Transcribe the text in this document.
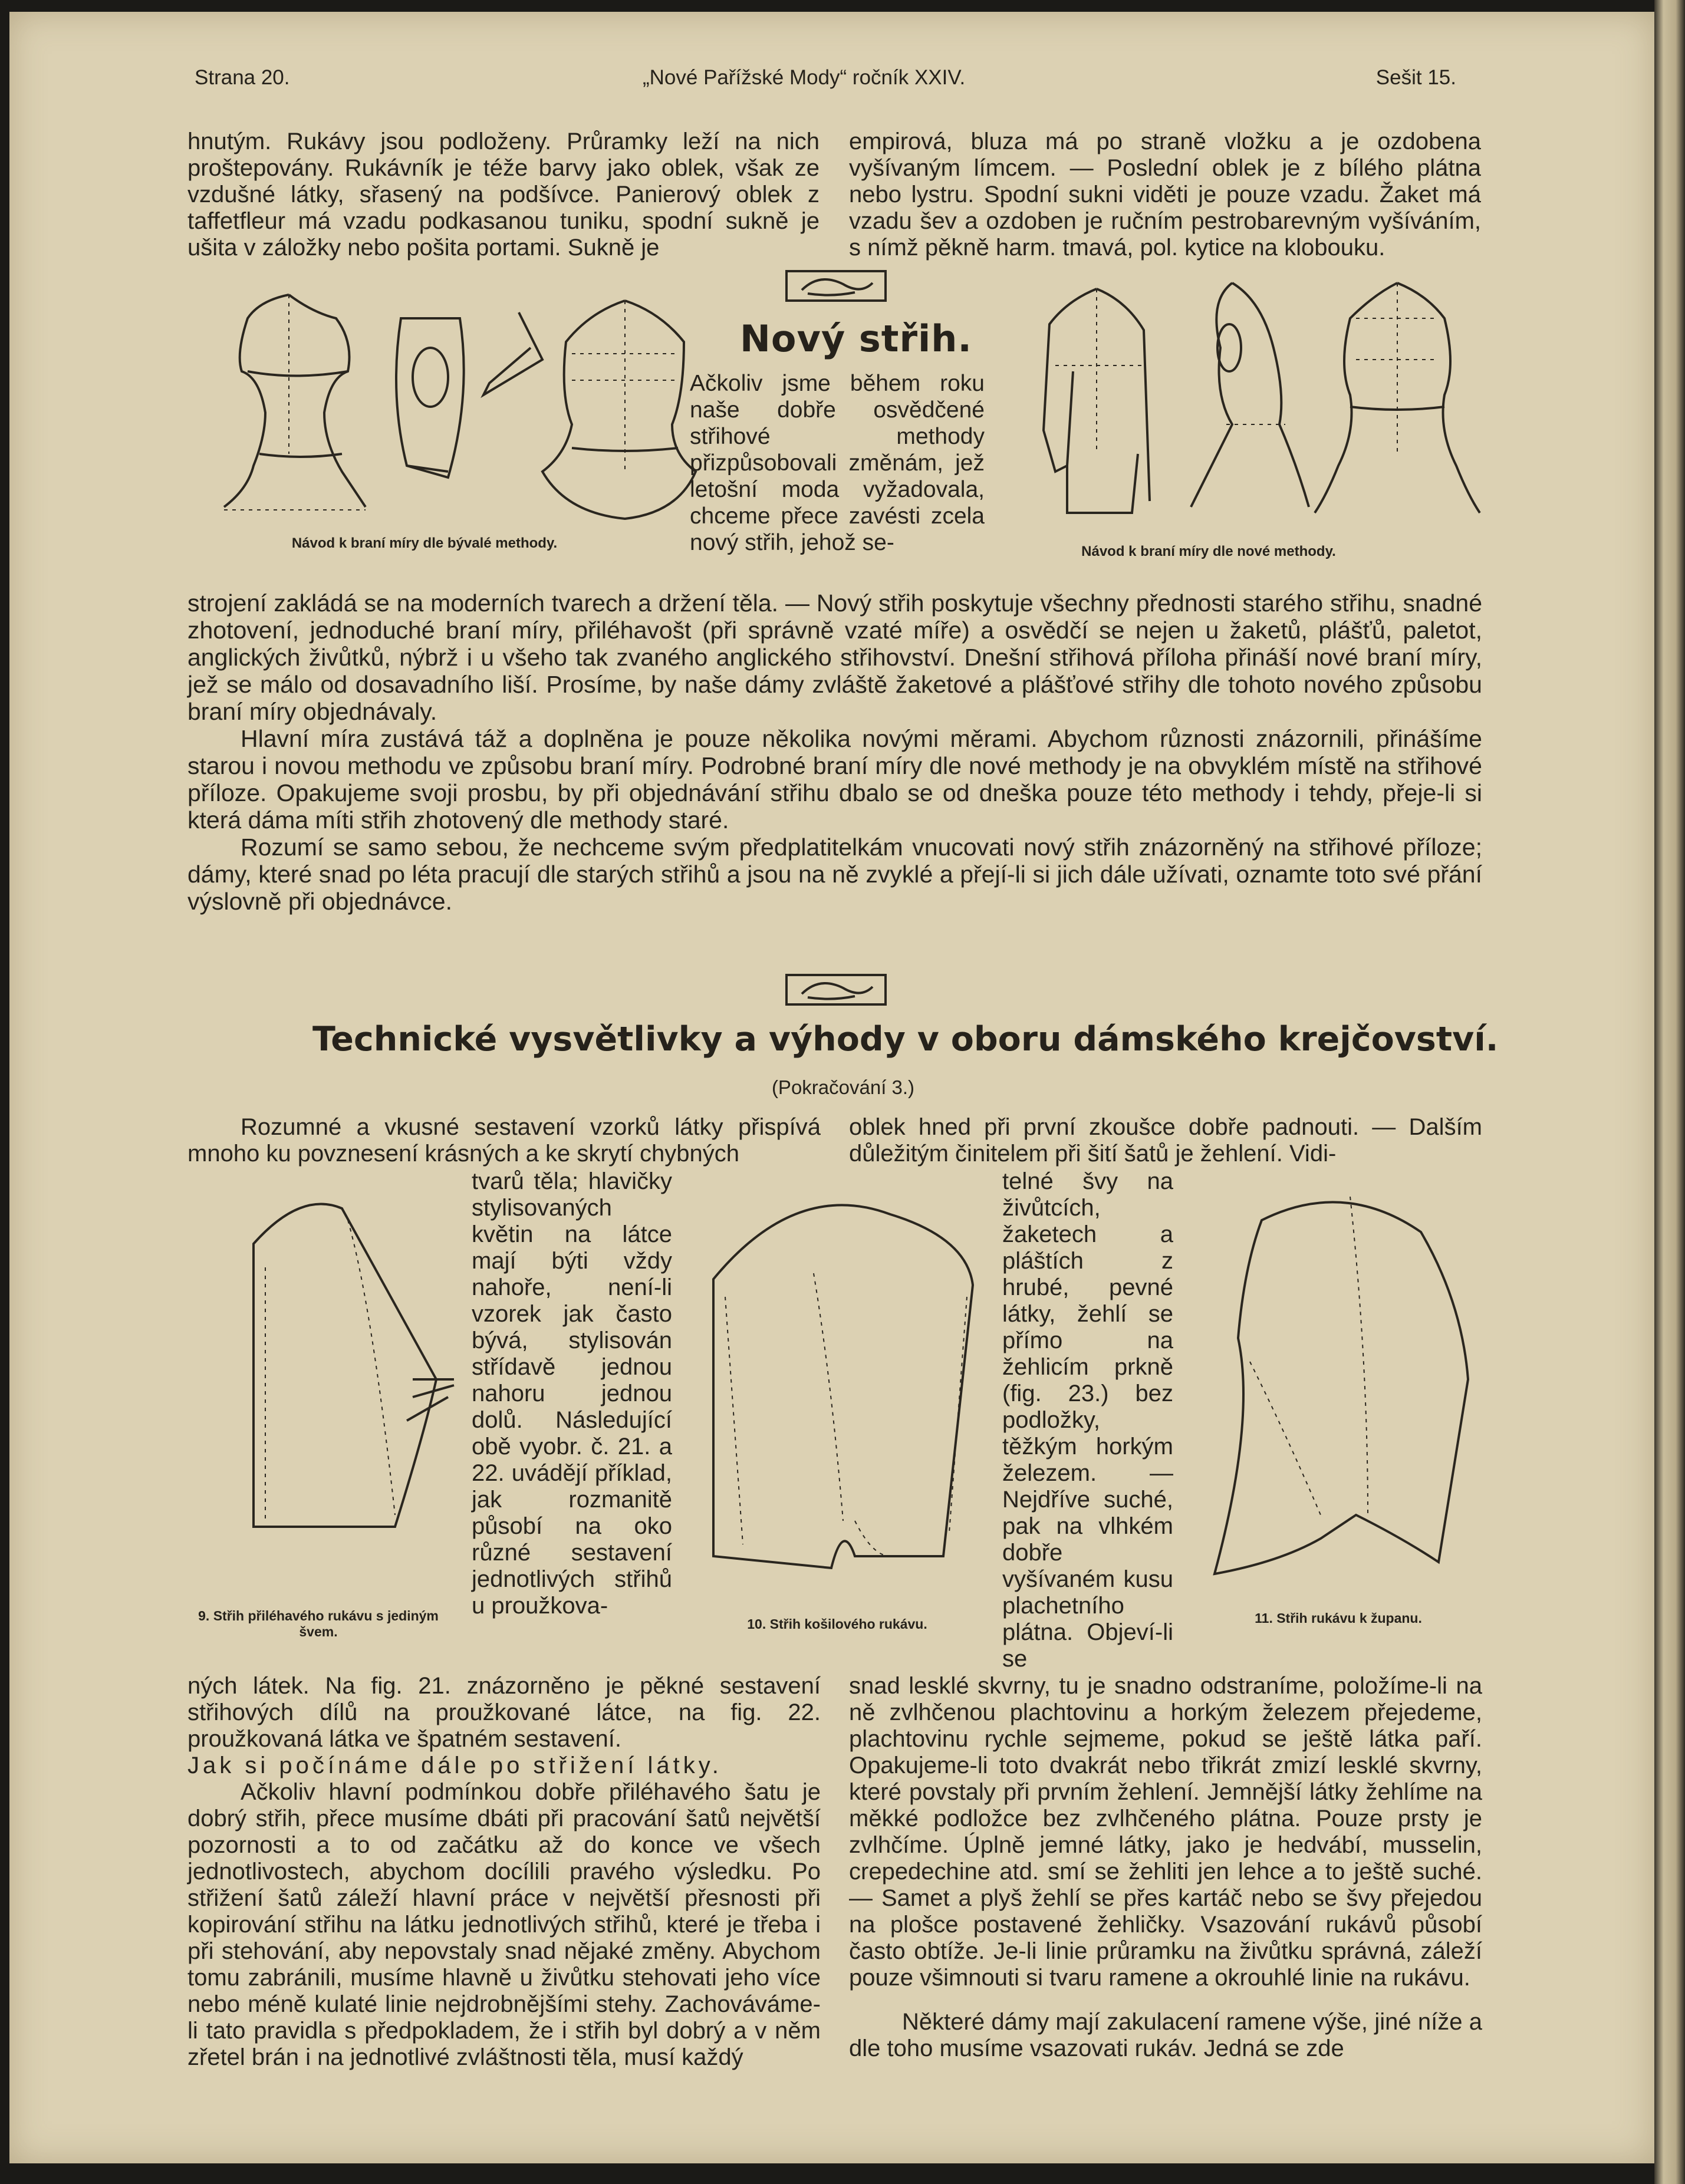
Strana 20.	„Nové Pařížské Mody“ ročník XXIV.	Sešit 15.

hnutým. Rukávy jsou podloženy. Průramky leží na nich proštepovány. Rukávník je téže barvy jako oblek, však ze vzdušné látky, sřasený na podšívce. Panierový oblek z taffetfleur má vzadu podkasanou tuniku, spodní sukně je ušita v záložky nebo pošita portami. Sukně je

empirová, bluza má po straně vložku a je ozdobena vyšívaným límcem. — Poslední oblek je z bílého plátna nebo lystru. Spodní sukni viděti je pouze vzadu. Žaket má vzadu šev a ozdoben je ručním pestrobarevným vyšíváním, s nímž pěkně harm. tmavá, pol. kytice na klobouku.

Návod k braní míry dle bývalé methody.
Nový střih.

Ačkoliv jsme během roku naše dobře osvědčené střihové methody přizpůsobovali změnám, jež letošní moda vyžadovala, chceme přece zavésti zcela nový střih, jehož se-	Návod k braní míry dle nové methody.

strojení zakládá se na moderních tvarech a držení těla. — Nový střih poskytuje všechny přednosti starého střihu, snadné zhotovení, jednoduché braní míry, přiléhavošt (při správně vzaté míře) a osvědčí se nejen u žaketů, plášťů, paletot, anglických živůtků, nýbrž i u všeho tak zvaného anglického střihovství. Dnešní střihová příloha přináší nové braní míry, jež se málo od dosavadního liší. Prosíme, by naše dámy zvláště žaketové a plášťové střihy dle tohoto nového způsobu braní míry objednávaly.

Hlavní míra zustává táž a doplněna je pouze několika novými měrami. Abychom různosti znázornili, přinášíme starou i novou methodu ve způsobu braní míry. Podrobné braní míry dle nové methody je na obvyklém místě na střihové příloze. Opakujeme svoji prosbu, by při objednávání střihu dbalo se od dneška pouze této methody i tehdy, přeje-li si která dáma míti střih zhotovený dle methody staré.

Rozumí se samo sebou, že nechceme svým předplatitelkám vnucovati nový střih znázorněný na střihové příloze; dámy, které snad po léta pracují dle starých střihů a jsou na ně zvyklé a přejí-li si jich dále užívati, oznamte toto své přání výslovně při objednávce.

Technické vysvětlivky a výhody v oboru dámského krejčovství.
(Pokračování 3.)

Rozumné a vkusné sestavení vzorků látky přispívá mnoho ku povznesení krásných a ke skrytí chybných

9. Střih přiléhavého rukávu s jediným švem.

tvarů těla; hlavičky stylisovaných květin na látce mají býti vždy nahoře, není-li vzorek jak často bývá, stylisován střídavě jednou nahoru jednou dolů. Následující obě vyobr. č. 21. a 22. uvádějí příklad, jak rozmanitě působí na oko různé sestavení jednotlivých střihů u proužkova-

10. Střih košilového rukávu.

oblek hned při první zkoušce dobře padnouti. — Dalším důležitým činitelem při šití šatů je žehlení. Vidi-

telné švy na živůtcích, žaketech a pláštích z hrubé, pevné látky, žehlí se přímo na žehlicím prkně (fig. 23.) bez podložky, těžkým horkým železem. — Nejdříve suché, pak na vlhkém dobře vyšívaném kusu plachetního plátna. Objeví-li se

11. Střih rukávu k županu.

ných látek. Na fig. 21. znázorněno je pěkné sestavení střihových dílů na proužkované látce, na fig. 22. proužkovaná látka ve špatném sestavení.

Jak si počínáme dále po střižení látky.

Ačkoliv hlavní podmínkou dobře přiléhavého šatu je dobrý střih, přece musíme dbáti při pracování šatů největší pozornosti a to od začátku až do konce ve všech jednotlivostech, abychom docílili pravého výsledku. Po střižení šatů záleží hlavní práce v největší přesnosti při kopirování střihu na látku jednotlivých střihů, které je třeba i při stehování, aby nepovstaly snad nějaké změny. Abychom tomu zabránili, musíme hlavně u živůtku stehovati jeho více nebo méně kulaté linie nejdrobnějšími stehy. Zachováváme-li tato pravidla s předpokladem, že i střih byl dobrý a v něm zřetel brán i na jednotlivé zvláštnosti těla, musí každý

snad lesklé skvrny, tu je snadno odstraníme, položíme-li na ně zvlhčenou plachtovinu a horkým železem přejedeme, plachtovinu rychle sejmeme, pokud se ještě látka paří. Opakujeme-li toto dvakrát nebo třikrát zmizí lesklé skvrny, které povstaly při prvním žehlení. Jemnější látky žehlíme na měkké podložce bez zvlhčeného plátna. Pouze prsty je zvlhčíme. Úplně jemné látky, jako je hedvábí, musselin, crepedechine atd. smí se žehliti jen lehce a to ještě suché. — Samet a plyš žehlí se přes kartáč nebo se švy přejedou na plošce postavené žehličky. Vsazování rukávů působí často obtíže. Je-li linie průramku na živůtku správná, záleží pouze všimnouti si tvaru ramene a okrouhlé linie na rukávu.

Některé dámy mají zakulacení ramene výše, jiné níže a dle toho musíme vsazovati rukáv. Jedná se zde
